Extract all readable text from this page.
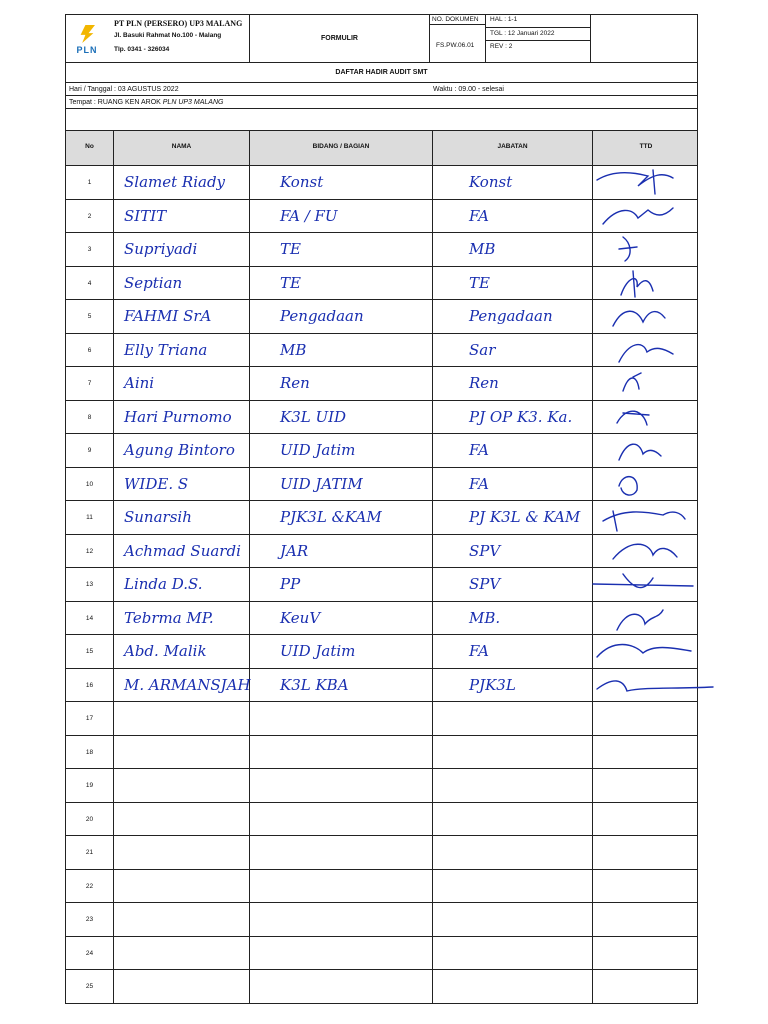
PLN
PT PLN (PERSERO) UP3 MALANG
Jl. Basuki Rahmat No.100 - Malang
Tlp. 0341 - 326034
FORMULIR
NO. DOKUMEN
FS.PW.06.01
HAL : 1-1
TGL : 12 Januari 2022
REV : 2
DAFTAR HADIR AUDIT SMT
Hari / Tanggal : 03 AGUSTUS 2022	Waktu : 09.00 - selesai
Tempat : RUANG KEN AROK PLN UP3 MALANG
No	NAMA	BIDANG / BAGIAN	JABATAN	TTD
1	Slamet Riady	Konst	Konst
2	SITIT	FA / FU	FA
3	Supriyadi	TE	MB
4	Septian	TE	TE
5	FAHMI SrA	Pengadaan	Pengadaan
6	Elly Triana	MB	Sar
7	Aini	Ren	Ren
8	Hari Purnomo	K3L UID	PJ OP K3. Ka.
9	Agung Bintoro	UID Jatim	FA
10	WIDE. S	UID JATIM	FA
11	Sunarsih	PJK3L &KAM	PJ K3L & KAM
12	Achmad Suardi	JAR	SPV
13	Linda D.S.	PP	SPV
14	Tebrma MP.	KeuV	MB.
15	Abd. Malik	UID Jatim	FA
16	M. ARMANSJAH	K3L KBA	PJK3L
17
18
19
20
21
22
23
24
25
